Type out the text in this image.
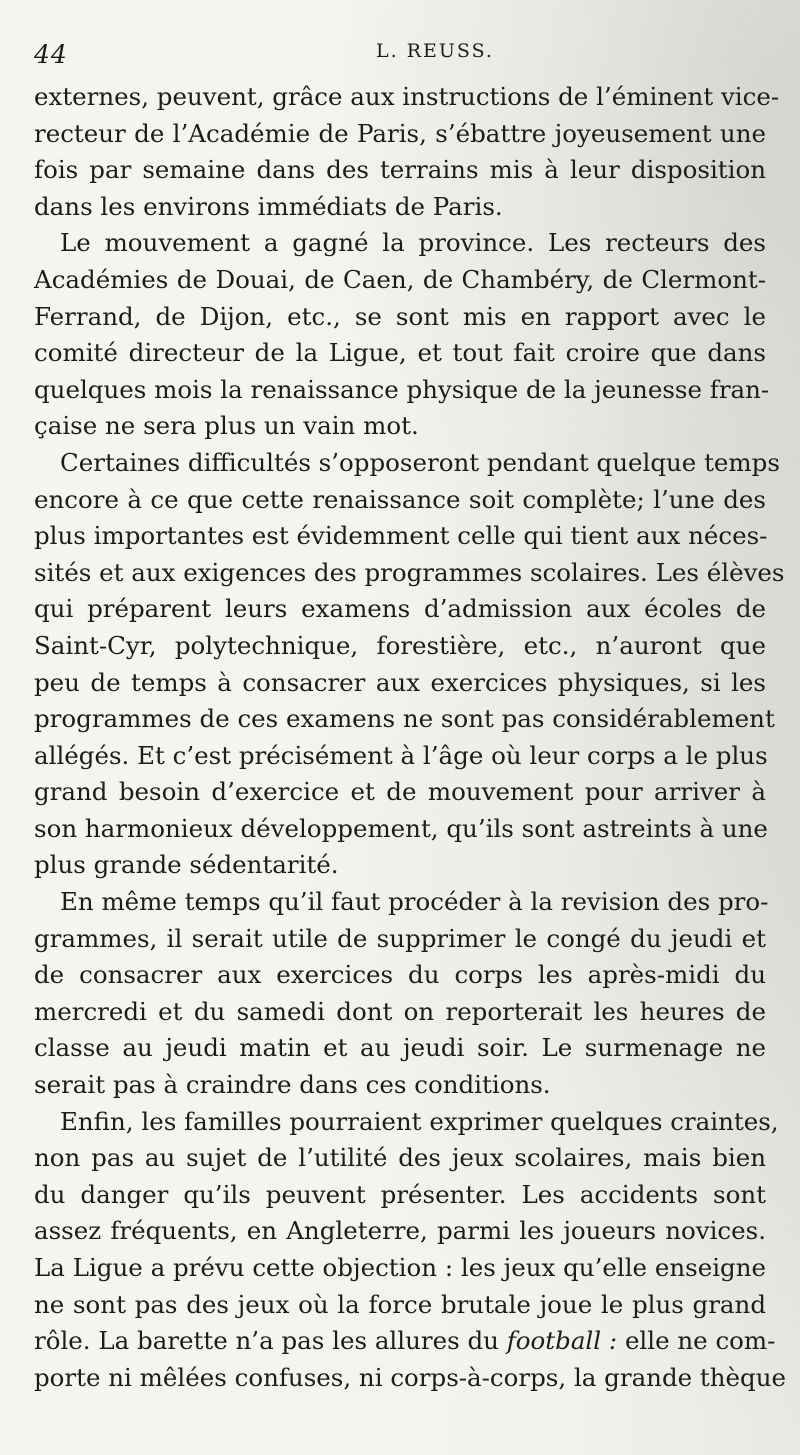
44	L. REUSS.
externes, peuvent, grâce aux instructions de l’éminent vice-
recteur de l’Académie de Paris, s’ébattre joyeusement une
fois par semaine dans des terrains mis à leur disposition
dans les environs immédiats de Paris.
Le mouvement a gagné la province. Les recteurs des
Académies de Douai, de Caen, de Chambéry, de Clermont-
Ferrand, de Dijon, etc., se sont mis en rapport avec le
comité directeur de la Ligue, et tout fait croire que dans
quelques mois la renaissance physique de la jeunesse fran-
çaise ne sera plus un vain mot.
Certaines difficultés s’opposeront pendant quelque temps
encore à ce que cette renaissance soit complète; l’une des
plus importantes est évidemment celle qui tient aux néces-
sités et aux exigences des programmes scolaires. Les élèves
qui préparent leurs examens d’admission aux écoles de
Saint-Cyr, polytechnique, forestière, etc., n’auront que
peu de temps à consacrer aux exercices physiques, si les
programmes de ces examens ne sont pas considérablement
allégés. Et c’est précisément à l’âge où leur corps a le plus
grand besoin d’exercice et de mouvement pour arriver à
son harmonieux développement, qu’ils sont astreints à une
plus grande sédentarité.
En même temps qu’il faut procéder à la revision des pro-
grammes, il serait utile de supprimer le congé du jeudi et
de consacrer aux exercices du corps les après-midi du
mercredi et du samedi dont on reporterait les heures de
classe au jeudi matin et au jeudi soir. Le surmenage ne
serait pas à craindre dans ces conditions.
Enfin, les familles pourraient exprimer quelques craintes,
non pas au sujet de l’utilité des jeux scolaires, mais bien
du danger qu’ils peuvent présenter. Les accidents sont
assez fréquents, en Angleterre, parmi les joueurs novices.
La Ligue a prévu cette objection : les jeux qu’elle enseigne
ne sont pas des jeux où la force brutale joue le plus grand
rôle. La barette n’a pas les allures du football : elle ne com-
porte ni mêlées confuses, ni corps-à-corps, la grande thèque
